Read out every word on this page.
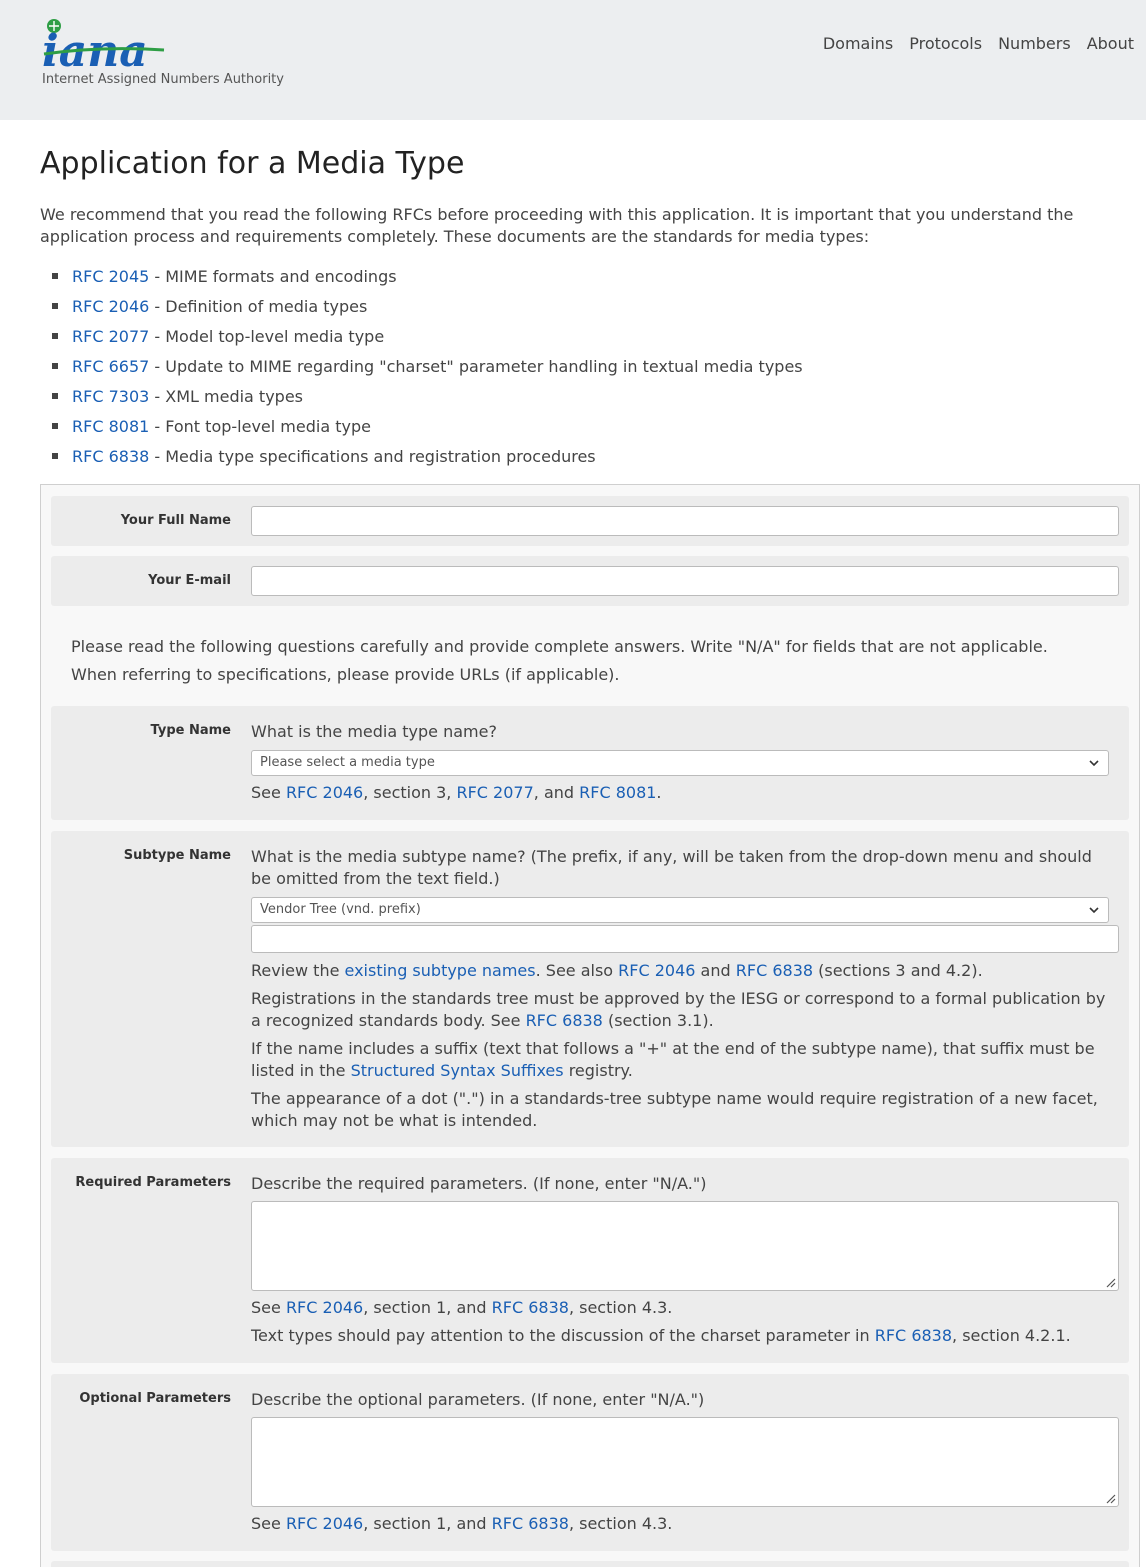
iana
Internet Assigned Numbers Authority
Domains Protocols Numbers About
Application for a Media Type

We recommend that you read the following RFCs before proceeding with this application. It is important that you understand the application process and requirements completely. These documents are the standards for media types:

RFC 2045 - MIME formats and encodings
RFC 2046 - Definition of media types
RFC 2077 - Model top-level media type
RFC 6657 - Update to MIME regarding "charset" parameter handling in textual media types
RFC 7303 - XML media types
RFC 8081 - Font top-level media type
RFC 6838 - Media type specifications and registration procedures
Your Full Name
Your E-mail
Please read the following questions carefully and provide complete answers. Write "N/A" for fields that are not applicable.
When referring to specifications, please provide URLs (if applicable).
Type Name What is the media type name?
Please select a media type
See RFC 2046, section 3, RFC 2077, and RFC 8081.
Subtype Name What is the media subtype name? (The prefix, if any, will be taken from the drop-down menu and should be omitted from the text field.)
Vendor Tree (vnd. prefix)
Review the existing subtype names. See also RFC 2046 and RFC 6838 (sections 3 and 4.2).
Registrations in the standards tree must be approved by the IESG or correspond to a formal publication by a recognized standards body. See RFC 6838 (section 3.1).
If the name includes a suffix (text that follows a "+" at the end of the subtype name), that suffix must be listed in the Structured Syntax Suffixes registry.
The appearance of a dot (".") in a standards-tree subtype name would require registration of a new facet, which may not be what is intended.
Required Parameters Describe the required parameters. (If none, enter "N/A.")
See RFC 2046, section 1, and RFC 6838, section 4.3.
Text types should pay attention to the discussion of the charset parameter in RFC 6838, section 4.2.1.
Optional Parameters Describe the optional parameters. (If none, enter "N/A.")
See RFC 2046, section 1, and RFC 6838, section 4.3.
